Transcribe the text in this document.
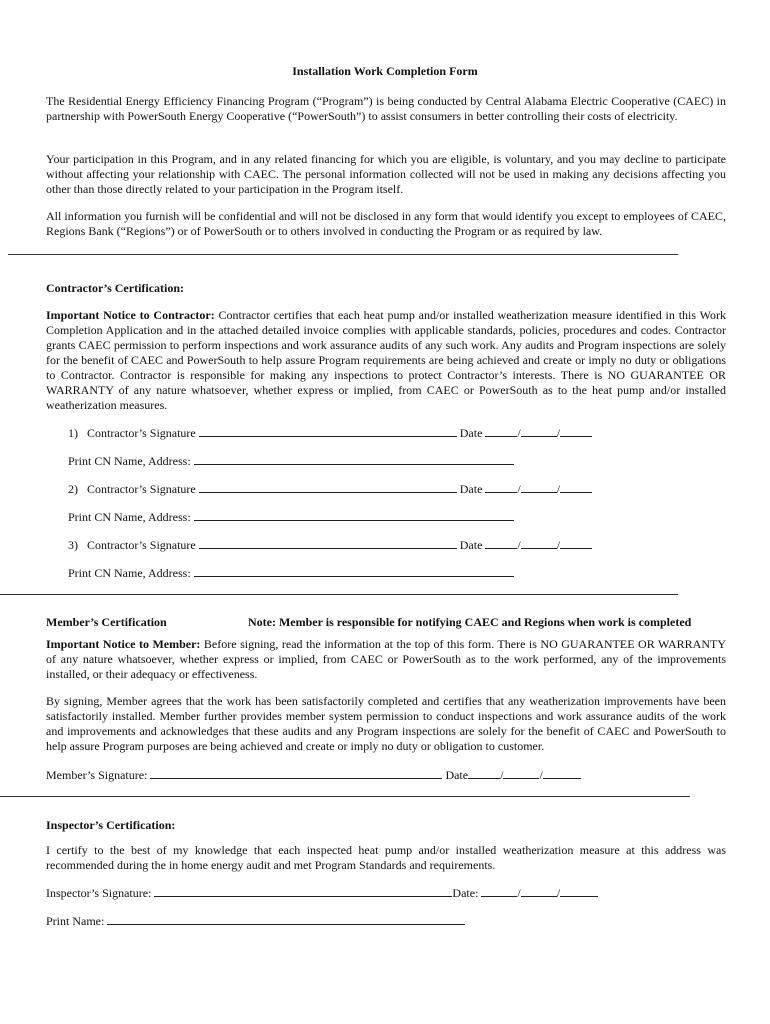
Installation Work Completion Form

The Residential Energy Efficiency Financing Program (“Program”) is being conducted by Central Alabama Electric Cooperative (CAEC) in partnership with PowerSouth Energy Cooperative (“PowerSouth”) to assist consumers in better controlling their costs of electricity.

Your participation in this Program, and in any related financing for which you are eligible, is voluntary, and you may decline to participate without affecting your relationship with CAEC. The personal information collected will not be used in making any decisions affecting you other than those directly related to your participation in the Program itself.

All information you furnish will be confidential and will not be disclosed in any form that would identify you except to employees of CAEC, Regions Bank (“Regions”) or of PowerSouth or to others involved in conducting the Program or as required by law.

Contractor’s Certification:

Important Notice to Contractor: Contractor certifies that each heat pump and/or installed weatherization measure identified in this Work Completion Application and in the attached detailed invoice complies with applicable standards, policies, procedures and codes. Contractor grants CAEC permission to perform inspections and work assurance audits of any such work. Any audits and Program inspections are solely for the benefit of CAEC and PowerSouth to help assure Program requirements are being achieved and create or imply no duty or obligations to Contractor. Contractor is responsible for making any inspections to protect Contractor’s interests. There is NO GUARANTEE OR WARRANTY of any nature whatsoever, whether express or implied, from CAEC or PowerSouth as to the heat pump and/or installed weatherization measures.

1) Contractor’s Signature	Date	/	/
Print CN Name, Address:
2) Contractor’s Signature	Date	/	/
Print CN Name, Address:
3) Contractor’s Signature	Date	/	/
Print CN Name, Address:
Member’s Certification	Note: Member is responsible for notifying CAEC and Regions when work is completed

Important Notice to Member: Before signing, read the information at the top of this form. There is NO GUARANTEE OR WARRANTY of any nature whatsoever, whether express or implied, from CAEC or PowerSouth as to the work performed, any of the improvements installed, or their adequacy or effectiveness.

By signing, Member agrees that the work has been satisfactorily completed and certifies that any weatherization improvements have been satisfactorily installed. Member further provides member system permission to conduct inspections and work assurance audits of the work and improvements and acknowledges that these audits and any Program inspections are solely for the benefit of CAEC and PowerSouth to help assure Program purposes are being achieved and create or imply no duty or obligation to customer.

Member’s Signature:	Date	/	/
Inspector’s Certification:

I certify to the best of my knowledge that each inspected heat pump and/or installed weatherization measure at this address was recommended during the in home energy audit and met Program Standards and requirements.

Inspector’s Signature:	Date:	/	/
Print Name:
